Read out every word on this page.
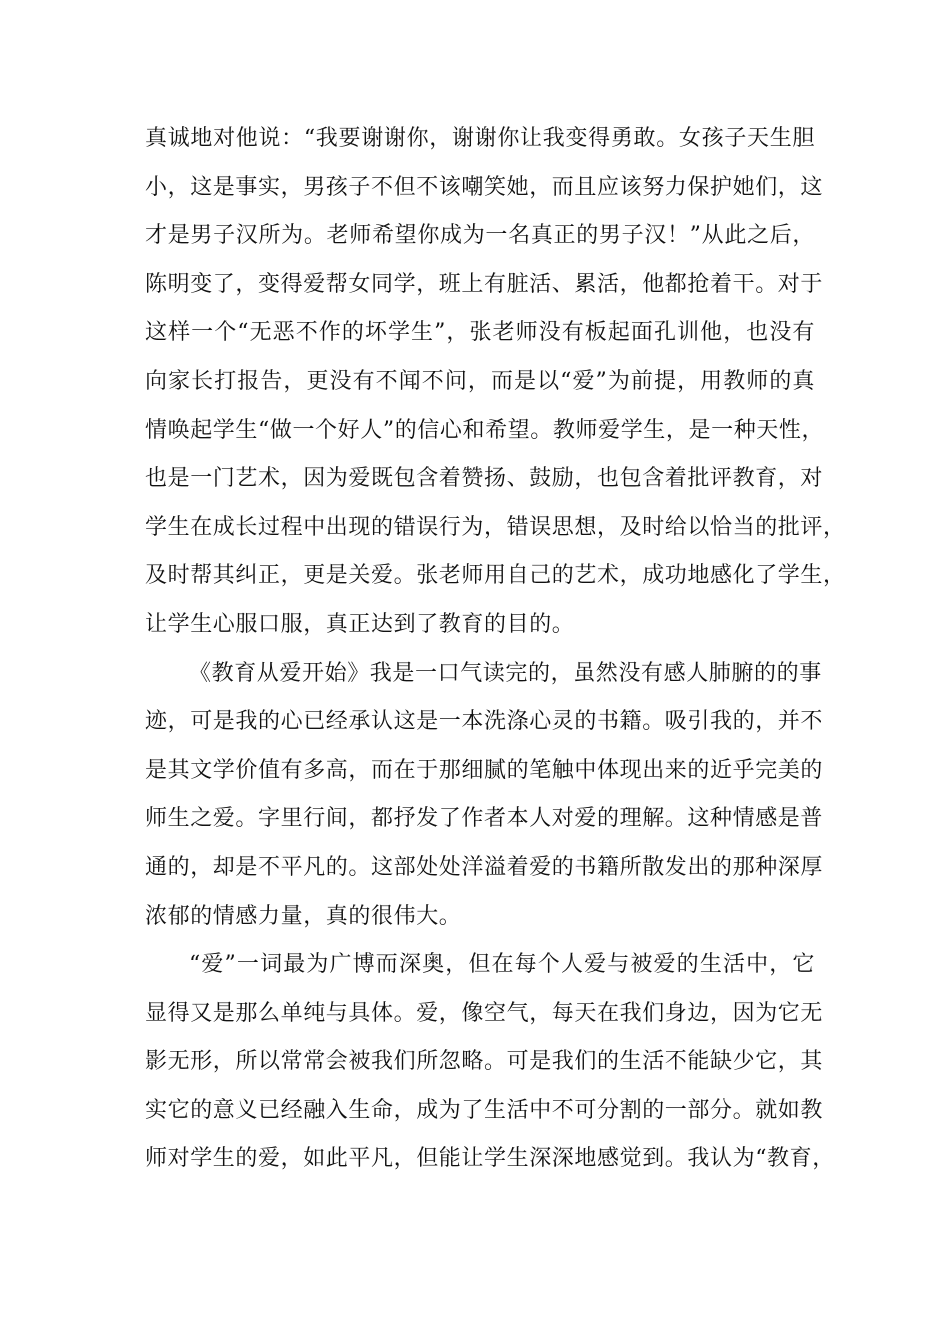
真诚地对他说：“我要谢谢你，谢谢你让我变得勇敢。女孩子天生胆
小，这是事实，男孩子不但不该嘲笑她，而且应该努力保护她们，这
才是男子汉所为。老师希望你成为一名真正的男子汉！”从此之后，
陈明变了，变得爱帮女同学，班上有脏活、累活，他都抢着干。对于
这样一个“无恶不作的坏学生”，张老师没有板起面孔训他，也没有
向家长打报告，更没有不闻不问，而是以“爱”为前提，用教师的真
情唤起学生“做一个好人”的信心和希望。教师爱学生，是一种天性，
也是一门艺术，因为爱既包含着赞扬、鼓励，也包含着批评教育，对
学生在成长过程中出现的错误行为，错误思想，及时给以恰当的批评，
及时帮其纠正，更是关爱。张老师用自己的艺术，成功地感化了学生，
让学生心服口服，真正达到了教育的目的。
《教育从爱开始》我是一口气读完的，虽然没有感人肺腑的的事
迹，可是我的心已经承认这是一本洗涤心灵的书籍。吸引我的，并不
是其文学价值有多高，而在于那细腻的笔触中体现出来的近乎完美的
师生之爱。字里行间，都抒发了作者本人对爱的理解。这种情感是普
通的，却是不平凡的。这部处处洋溢着爱的书籍所散发出的那种深厚
浓郁的情感力量，真的很伟大。
“爱”一词最为广博而深奥，但在每个人爱与被爱的生活中，它
显得又是那么单纯与具体。爱，像空气，每天在我们身边，因为它无
影无形，所以常常会被我们所忽略。可是我们的生活不能缺少它，其
实它的意义已经融入生命，成为了生活中不可分割的一部分。就如教
师对学生的爱，如此平凡，但能让学生深深地感觉到。我认为“教育，
